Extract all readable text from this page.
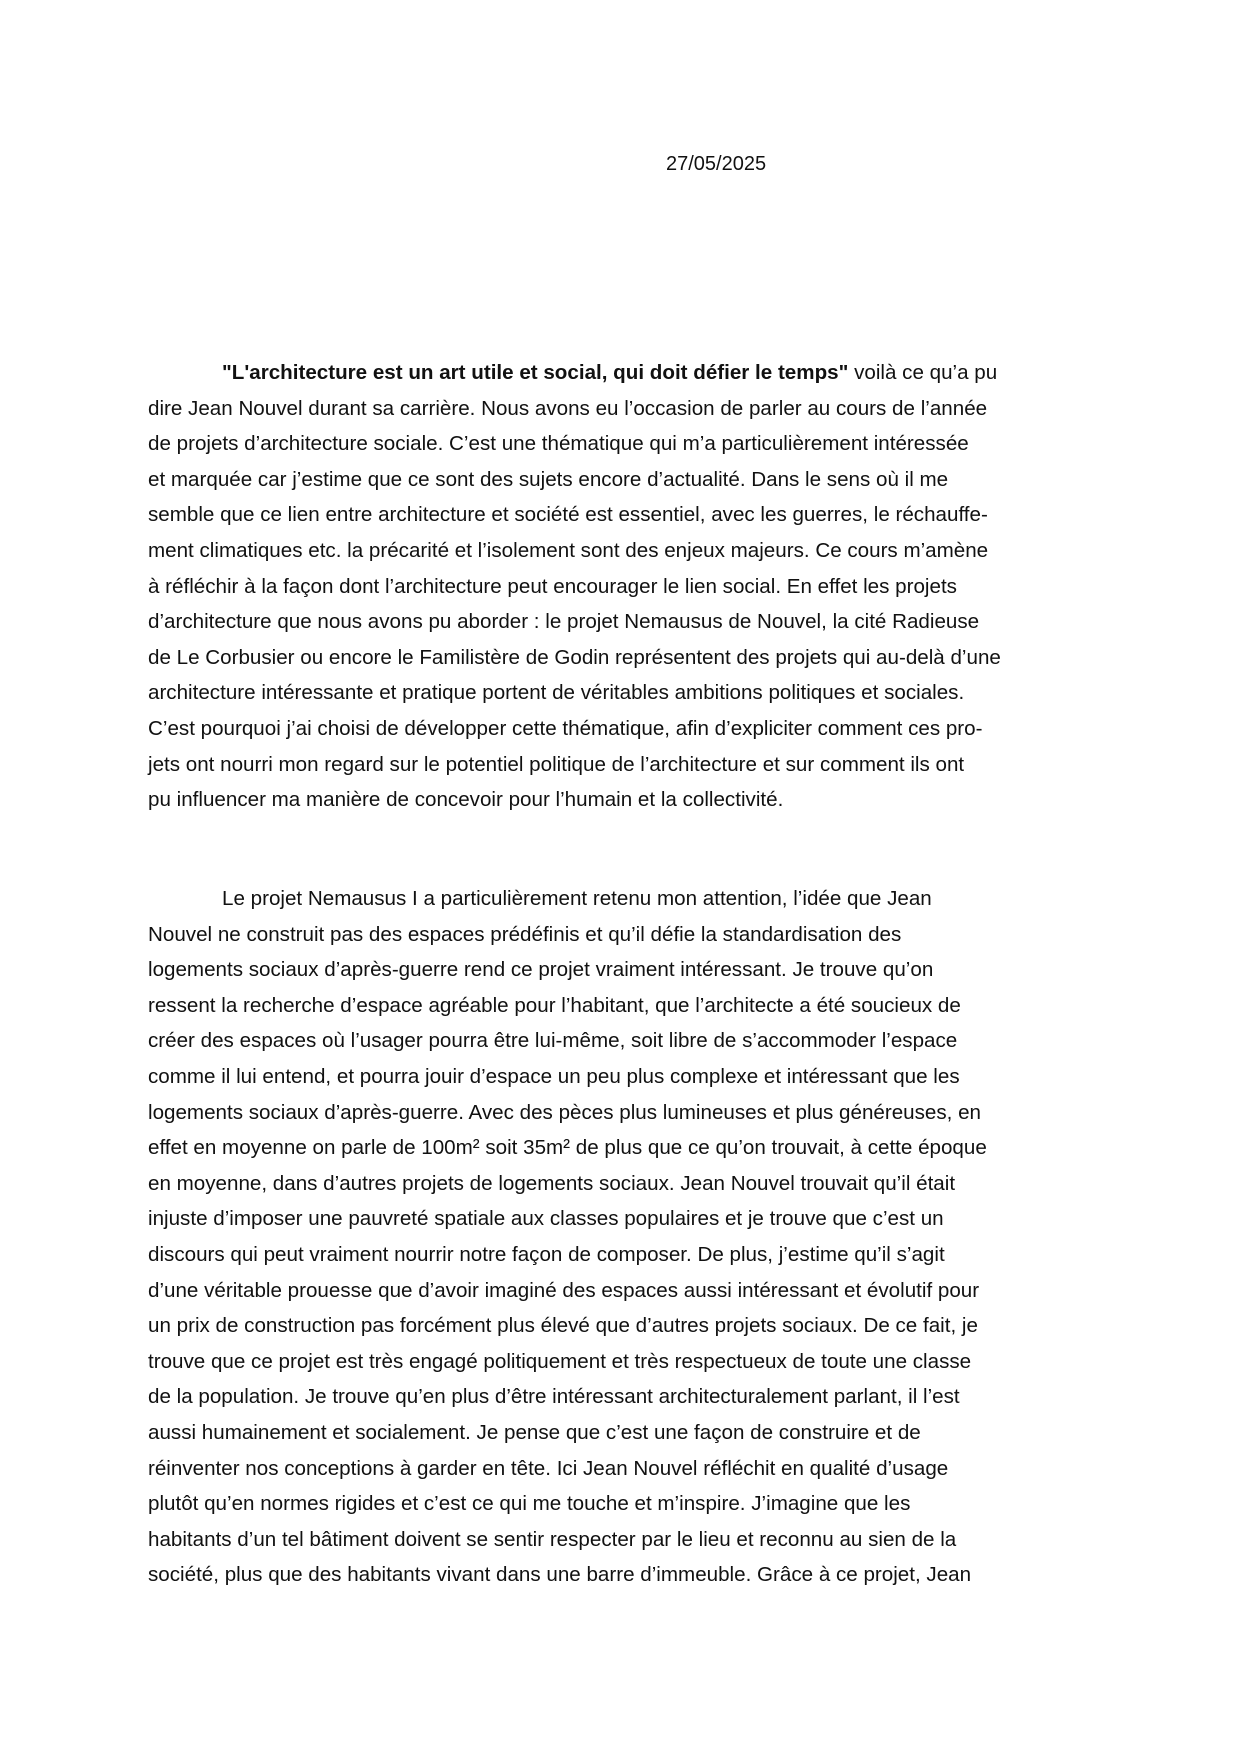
27/05/2025

"L'architecture est un art utile et social, qui doit défier le temps" voilà ce qu’a pu
dire Jean Nouvel durant sa carrière. Nous avons eu l’occasion de parler au cours de l’année
de projets d’architecture sociale. C’est une thématique qui m’a particulièrement intéressée
et marquée car j’estime que ce sont des sujets encore d’actualité. Dans le sens où il me
semble que ce lien entre architecture et société est essentiel, avec les guerres, le réchauffe-
ment climatiques etc. la précarité et l’isolement sont des enjeux majeurs. Ce cours m’amène
à réfléchir à la façon dont l’architecture peut encourager le lien social. En effet les projets
d’architecture que nous avons pu aborder : le projet Nemausus de Nouvel, la cité Radieuse
de Le Corbusier ou encore le Familistère de Godin représentent des projets qui au-delà d’une
architecture intéressante et pratique portent de véritables ambitions politiques et sociales.
C’est pourquoi j’ai choisi de développer cette thématique, afin d’expliciter comment ces pro-
jets ont nourri mon regard sur le potentiel politique de l’architecture et sur comment ils ont
pu influencer ma manière de concevoir pour l’humain et la collectivité.

Le projet Nemausus I a particulièrement retenu mon attention, l’idée que Jean
Nouvel ne construit pas des espaces prédéfinis et qu’il défie la standardisation des
logements sociaux d’après-guerre rend ce projet vraiment intéressant. Je trouve qu’on
ressent la recherche d’espace agréable pour l’habitant, que l’architecte a été soucieux de
créer des espaces où l’usager pourra être lui-même, soit libre de s’accommoder l’espace
comme il lui entend, et pourra jouir d’espace un peu plus complexe et intéressant que les
logements sociaux d’après-guerre. Avec des pèces plus lumineuses et plus généreuses, en
effet en moyenne on parle de 100m² soit 35m² de plus que ce qu’on trouvait, à cette époque
en moyenne, dans d’autres projets de logements sociaux. Jean Nouvel trouvait qu’il était
injuste d’imposer une pauvreté spatiale aux classes populaires et je trouve que c’est un
discours qui peut vraiment nourrir notre façon de composer. De plus, j’estime qu’il s’agit
d’une véritable prouesse que d’avoir imaginé des espaces aussi intéressant et évolutif pour
un prix de construction pas forcément plus élevé que d’autres projets sociaux. De ce fait, je
trouve que ce projet est très engagé politiquement et très respectueux de toute une classe
de la population. Je trouve qu’en plus d’être intéressant architecturalement parlant, il l’est
aussi humainement et socialement. Je pense que c’est une façon de construire et de
réinventer nos conceptions à garder en tête. Ici Jean Nouvel réfléchit en qualité d’usage
plutôt qu’en normes rigides et c’est ce qui me touche et m’inspire. J’imagine que les
habitants d’un tel bâtiment doivent se sentir respecter par le lieu et reconnu au sien de la
société, plus que des habitants vivant dans une barre d’immeuble. Grâce à ce projet, Jean
